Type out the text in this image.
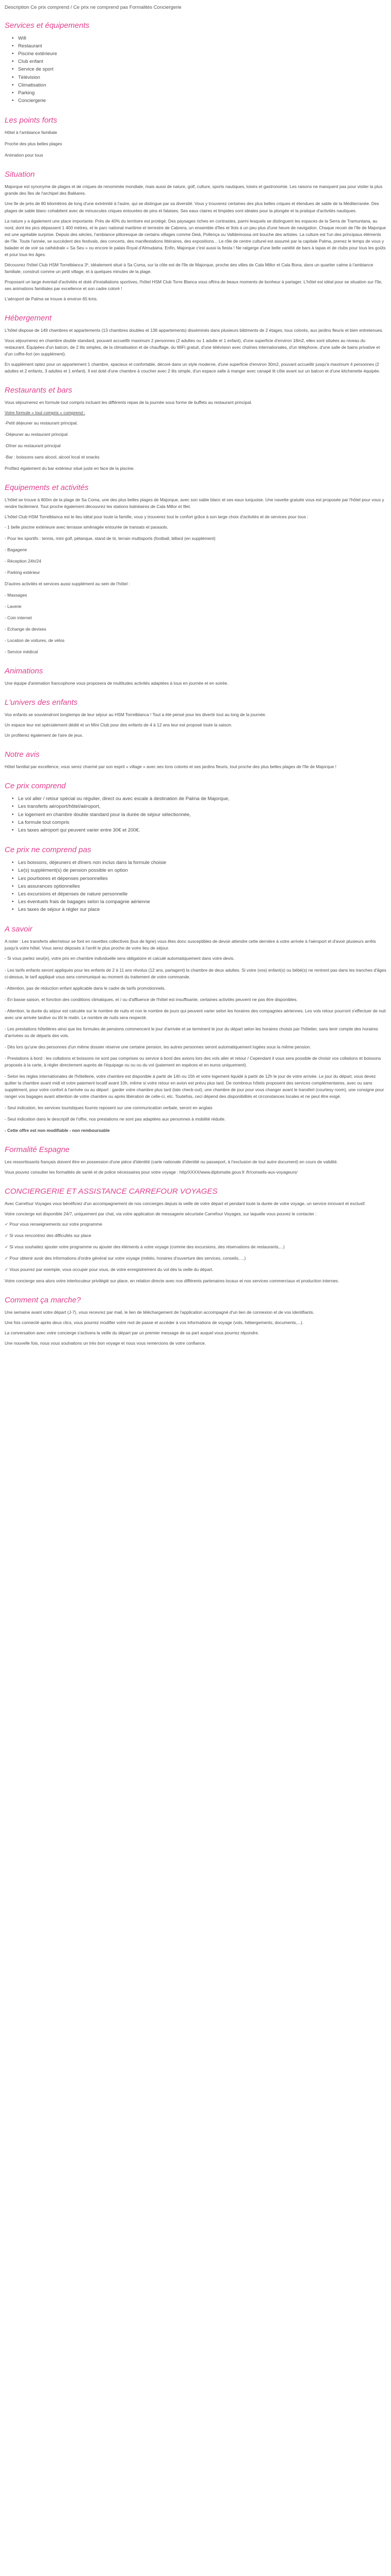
Description Ce prix comprend / Ce prix ne comprend pas Formalités Conciergerie
Services et équipements
• Wifi
• Restaurant
• Piscine extérieure
• Club enfant
• Service de sport
• Télévision
• Climatisation
• Parking
• Conciergerie
Les points forts

Hôtel à l'ambiance familiale

Proche des plus belles plages

Animation pour tous

Situation

Majorque est synonyme de plages et de criques de renommée mondiale, mais aussi de nature, golf, culture, sports nautiques, loisirs et gastronomie. Les raisons ne manquent pas pour visiter la plus grande des îles de l'archipel des Baléares.

Une île de près de 80 kilomètres de long d'une extrémité à l'autre, qui se distingue par sa diversité. Vous y trouverez certaines des plus belles criques et étendues de sable de la Méditerranée. Des plages de sable blanc cohabitent avec de minuscules criques entourées de pins et falaises. Ses eaux claires et limpides sont idéales pour la plongée et la pratique d'activités nautiques.

La nature y a également une place importante. Près de 40% du territoire est protégé. Des paysages riches en contrastes, parmi lesquels se distinguent les espaces de la Serra de Tramuntana, au nord, dont les pics dépassent 1 400 mètres, et le parc national maritime et terrestre de Cabrera, un ensemble d'îles et îlots à un peu plus d'une heure de navigation. Chaque recoin de l'île de Majorque est une agréable surprise. Depuis des siècles, l'ambiance pittoresque de certains villages comme Deià, Pollença ou Valldemossa ont bouche des artistes. La culture est l'un des principaux éléments de l'île. Toute l'année, se succèdent des festivals, des concerts, des manifestations littéraires, des expositions... Le rôle de centre culturel est assumé par la capitale Palma, prenez le temps de vous y balader et de voir sa cathédrale « Sa Seu » ou encore le palais Royal d'Almudaina. Enfin, Majorque c'est aussi la fiesta ! Ne ratgerge d'une belle variété de bars à tapas et de clubs pour tous les goûts et pour tous les âges.

Découvrez l'hôtel Club HSM Torrelblanca 3*, idéalement situé à Sa Coma, sur la côte est de l'île de Majorque, proche des villes de Cala Millor et Cala Bona, dans un quartier calme à l'ambiance familiale, construit comme un petit village, et à quelques minutes de la plage.

Proposant un large éventail d'activités et doté d'installations sportives, l'hôtel HSM Club Torre Blanca vous offrira de beaux moments de bonheur à partager. L'hôtel est idéal pour se situation sur l'île, ses animations familiales par excellence et son cadre coloré !

L'aéroport de Palma se trouve à environ 65 kms.

Hébergement

L'hôtel dispose de 149 chambres et appartements (13 chambres doubles et 136 appartements) disséminés dans plusieurs bâtiments de 2 étages, tous colorés, aux jardins fleuris et bien entretenues.

Vous séjournerez en chambre double standard, pouvant accueillir maximum 2 personnes (2 adultes ou 1 adulte et 1 enfant), d'une superficie d'environ 18m2, elles sont situées au niveau du restaurant. Équipées d'un balcon, de 2 lits simples, de la climatisation et de chauffage, du WiFi gratuit, d'une télévision avec chaînes internationales, d'un téléphone, d'une salle de bains privative et d'un coffre-fort (en supplément).

En supplément optez pour un appartement 1 chambre, spacieux et confortable, décoré dans un style moderne, d'une superficie d'environ 30m2, pouvant accueillir jusqu'à maximum 4 personnes (2 adultes et 2 enfants, 3 adultes et 1 enfant). Il est doté d'une chambre à coucher avec 2 lits simple, d'un espace salle à manger avec canapé lit côte avant sur un balcon et d'une kitchenette équipée.

Restaurants et bars

Vous séjournerez en formule tout compris incluant les différents repas de la journée sous forme de buffets au restaurant principal.

Votre formule « tout compris » comprend :

-Petit déjeuner au restaurant principal.

-Déjeuner au restaurant principal

-Dîner au restaurant principal

-Bar : boissons sans alcool, alcool local et snacks

Profitez également du bar extérieur situé juste en face de la piscine.

Equipements et activités

L'hôtel se trouve à 800m de la plage de Sa Coma, une des plus belles plages de Majorque, avec son sable blanc et ses eaux turquoise. Une navette gratuite vous est proposée par l'hôtel pour vous y rendre facilement. Tout proche également découvrez les stations balnéaires de Cala Millor et Illet.

L'hôtel Club HSM Torrelblanca est le lieu idéal pour toute la famille, vous y trouverez tout le confort grâce à son large choix d'activités et de services pour tous :

- 1 belle piscine extérieure avec terrasse aménagée entourée de transats et parasols.

- Pour les sportifs : tennis, mini golf, pétanque, stand de tir, terrain multisports (football, billard (en supplément)

- Bagagerie

- Réception 24h/24

- Parking extérieur

D'autres activités et services aussi supplément au sein de l'hôtel :

- Massages

- Laverie

- Coin internet

- Echange de devises

- Location de voitures, de vélos

- Service médical

Animations

Une équipe d'animation francophone vous proposera de multitudes activités adaptées à tous en journée et en soirée.

L'univers des enfants

Vos enfants se souviendront longtemps de leur séjour au HSM Torrelblanca ! Tout a été pensé pour les divertir tout au long de la journée.

Un espace leur est spécialement dédié et un Mini Club pour des enfants de 4 à 12 ans leur est proposé toute la saison.

Un profiterez également de l'aire de jeux.

Notre avis

Hôtel familial par excellence, vous serez charmé par son esprit « village » avec ses tons colorés et ses jardins fleuris, tout proche des plus belles plages de l'île de Majorque !

Ce prix comprend
• Le vol aller / retour spécial ou régulier, direct ou avec escale à destination de Palma de Majorque,
• Les transferts aéroport/hôtel/aéroport,
• Le logement en chambre double standard pour la durée de séjour sélectionnée,
• La formule tout compris
• Les taxes aéroport qui peuvent varier entre 30€ et 200€.
Ce prix ne comprend pas
• Les boissons, déjeuners et dîners non inclus dans la formule choisie
• Le(s) supplément(s) de pension possible en option
• Les pourboires et dépenses personnelles
• Les assurances optionnelles
• Les excursions et dépenses de nature personnelle
• Les éventuels frais de bagages selon la compagnie aérienne
• Les taxes de séjour à régler sur place
A savoir

A noter : Les transferts aller/retour se font en navettes collectives (bus de ligne) vous êtes donc susceptibles de devoir attendre cette dernière à votre arrivée à l'aéroport et d'avoir plusieurs arrêts jusqu'à votre hôtel. Vous serez déposés à l'arrêt le plus proche de votre lieu de séjour.

- Si vous partez seul(e), votre prix en chambre individuelle sera obligatoire et calculé automatiquement dans votre devis.

- Les tarifs enfants seront appliqués pour les enfants de 2 à 11 ans révolus (12 ans, partagent) la chambre de deux adultes. Si votre (vos) enfant(s) ou bébé(s) ne rentrent pas dans les tranches d'âges ci-dessus, le tarif appliqué vous sera communiqué au moment du traitement de votre commande.

- Attention, pas de réduction enfant applicable dans le cadre de tarifs promotionnels.

- En basse saison, et fonction des conditions climatiques, et / ou d'affluence de l'hôtel est insuffisante, certaines activités peuvent ne pas être disponibles.

- Attention, la durée du séjour est calculée sur le nombre de nuits et non le nombre de jours qui peuvent varier selon les horaires des compagnies aériennes. Les vols retour pourront s'effectuer de nuit avec une arrivée tardive ou tôt le matin. Le nombre de nuits sera respecté.

- Les prestations hôtelières ainsi que les formules de pensions commencent le jour d'arrivée et se terminent le jour du départ selon les horaires choisis par l'hôtelier, sans tenir compte des horaires d'arrivées ou de départs des vols.

- Dès lors qu'une des personnes d'un même dossier réserve une certaine pension, les autres personnes seront automatiquement logées sous la même pension.

- Prestations à bord : les collations et boissons ne sont pas comprises ou service à bord des avions lors des vols aller et retour / Cependant il vous sera possible de choisir vos collations et boissons proposés à la carte, à régler directement auprès de l'équipage ou ou ou du vol (paiement en espèces et en euros uniquement).

- Selon les règles internationales de l'hôtellerie, votre chambre est disponible à partir de 14h ou 15h et votre logement liquidé à partir de 12h le jour de votre arrivée. Le jour du départ, vous devez quitter la chambre avant midi et votre paiement locatif avant 10h, même si votre retour en avion est prévu plus tard. De nombreux hôtels proposent des services complémentaires, avec ou sans supplément, pour votre confort à l'arrivée ou au départ : garder votre chambre plus tard (late check-out), une chambre de jour pour vous changer avant le transfert (courtesy room), une consigne pour ranger vos bagages avant attention de votre chambre ou après libération de celle-ci, etc. Toutefois, ceci dépend des disponibilités et circonstances locales et ne peut être exigé.

- Seul indication, les services touristiques fournis reposent sur une communication verbale, seront en anglais

- Seul indication dans le descriptif de l'offre, nos prestations ne sont pas adaptées aux personnes à mobilité réduite.

- Cette offre est non modifiable - non remboursable

Formalité Espagne

Les ressortissants français doivent être en possession d'une pièce d'identité (carte nationale d'identité ou passeport, à l'exclusion de tout autre document) en cours de validité.

Vous pouvez consulter les formalités de santé et de police nécessaires pour votre voyage : http/XXXX/www.diplomatie.gouv.fr /fr/conseils-aux-voyageurs/

CONCIERGERIE ET ASSISTANCE CARREFOUR VOYAGES

Avec Carrefour Voyages vous bénéficiez d'un accompagnement de nos concierges depuis la veille de votre départ et pendant toute la durée de votre voyage, un service innovant et exclusif.

Votre concierge est disponible 24/7, uniquement par chat, via votre application de messagerie sécurisée Carrefour Voyages, sur laquelle vous pouvez le contacter :

✓ Pour vous renseignements sur votre programme

✓ Si vous rencontrez des difficultés sur place

✓ Si vous souhaitez ajouter votre programme ou ajouter des éléments à votre voyage (comme des excursions, des réservations de restaurants,...)

✓ Pour obtenir avoir des informations d'ordre général sur votre voyage (météo, horaires d'ouverture des services, conseils, ...)

✓ Vous pourrez par exemple, vous occuper pour vous, de votre enregistrement du vol dès la veille du départ.

Votre concierge sera alors votre interlocuteur privilégié sur place, en relation directe avec nos différents partenaires locaux et nos services commerciaux et production internes.

Comment ça marche?

Une semaine avant votre départ (J-7), vous recevrez par mail, le lien de téléchargement de l'application accompagné d'un lien de connexion et de vos identifiants.

Une fois connecté après deux clics, vous pourrez modifier votre mot de passe et accéder à vos informations de voyage (vols, hébergements, documents,...).

La conversation avec votre concierge s'activera la veille du départ par un premier message de sa part auquel vous pourrez répondre.

Une nouvelle fois, nous vous souhaitons un très bon voyage et nous vous remercions de votre confiance.
